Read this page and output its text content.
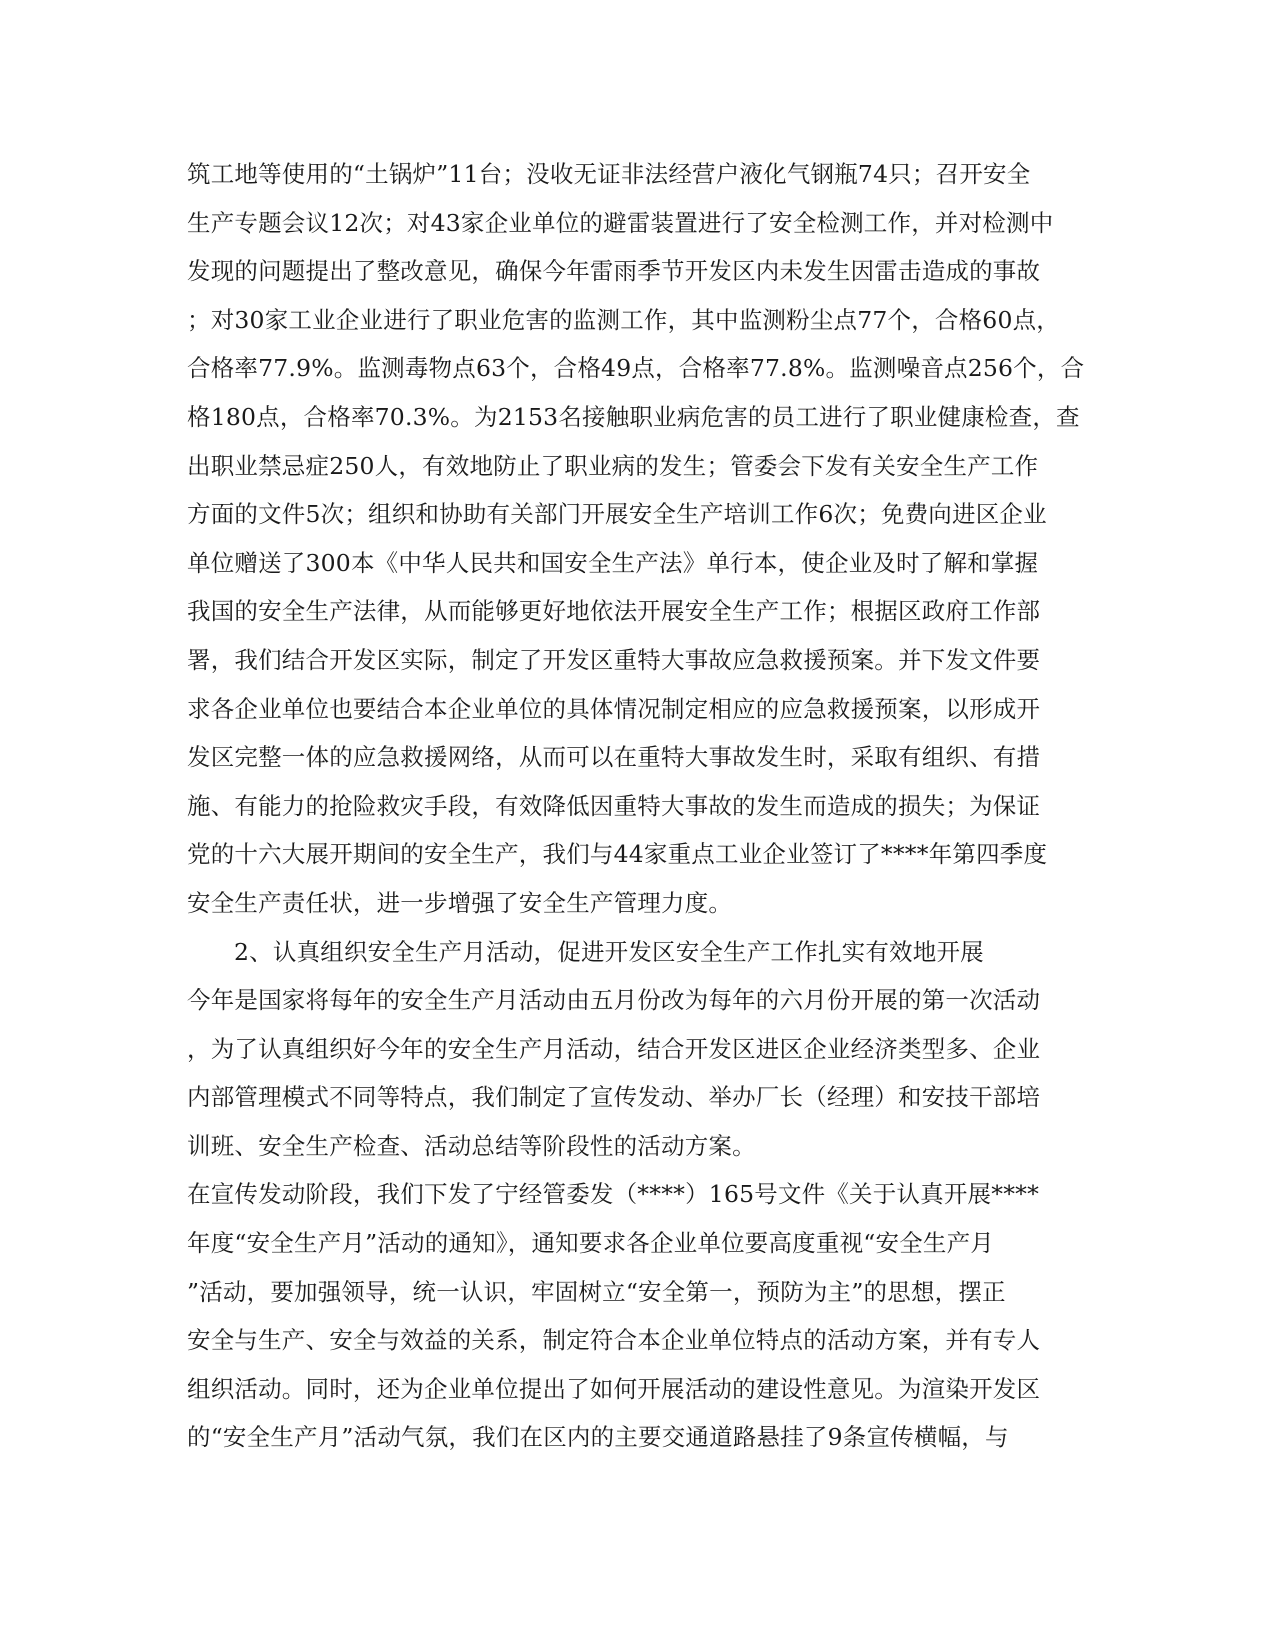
筑工地等使用的“土锅炉”11台；没收无证非法经营户液化气钢瓶74只；召开安全
生产专题会议12次；对43家企业单位的避雷装置进行了安全检测工作，并对检测中
发现的问题提出了整改意见，确保今年雷雨季节开发区内未发生因雷击造成的事故
；对30家工业企业进行了职业危害的监测工作，其中监测粉尘点77个，合格60点，
合格率77.9%。监测毒物点63个，合格49点，合格率77.8%。监测噪音点256个，合
格180点，合格率70.3%。为2153名接触职业病危害的员工进行了职业健康检查，查
出职业禁忌症250人，有效地防止了职业病的发生；管委会下发有关安全生产工作
方面的文件5次；组织和协助有关部门开展安全生产培训工作6次；免费向进区企业
单位赠送了300本《中华人民共和国安全生产法》单行本，使企业及时了解和掌握
我国的安全生产法律，从而能够更好地依法开展安全生产工作；根据区政府工作部
署，我们结合开发区实际，制定了开发区重特大事故应急救援预案。并下发文件要
求各企业单位也要结合本企业单位的具体情况制定相应的应急救援预案，以形成开
发区完整一体的应急救援网络，从而可以在重特大事故发生时，采取有组织、有措
施、有能力的抢险救灾手段，有效降低因重特大事故的发生而造成的损失；为保证
党的十六大展开期间的安全生产，我们与44家重点工业企业签订了****年第四季度
安全生产责任状，进一步增强了安全生产管理力度。
2、认真组织安全生产月活动，促进开发区安全生产工作扎实有效地开展
今年是国家将每年的安全生产月活动由五月份改为每年的六月份开展的第一次活动
，为了认真组织好今年的安全生产月活动，结合开发区进区企业经济类型多、企业
内部管理模式不同等特点，我们制定了宣传发动、举办厂长（经理）和安技干部培
训班、安全生产检查、活动总结等阶段性的活动方案。
在宣传发动阶段，我们下发了宁经管委发（****）165号文件《关于认真开展****
年度“安全生产月”活动的通知》，通知要求各企业单位要高度重视“安全生产月
”活动，要加强领导，统一认识，牢固树立“安全第一，预防为主”的思想，摆正
安全与生产、安全与效益的关系，制定符合本企业单位特点的活动方案，并有专人
组织活动。同时，还为企业单位提出了如何开展活动的建设性意见。为渲染开发区
的“安全生产月”活动气氛，我们在区内的主要交通道路悬挂了9条宣传横幅，与
